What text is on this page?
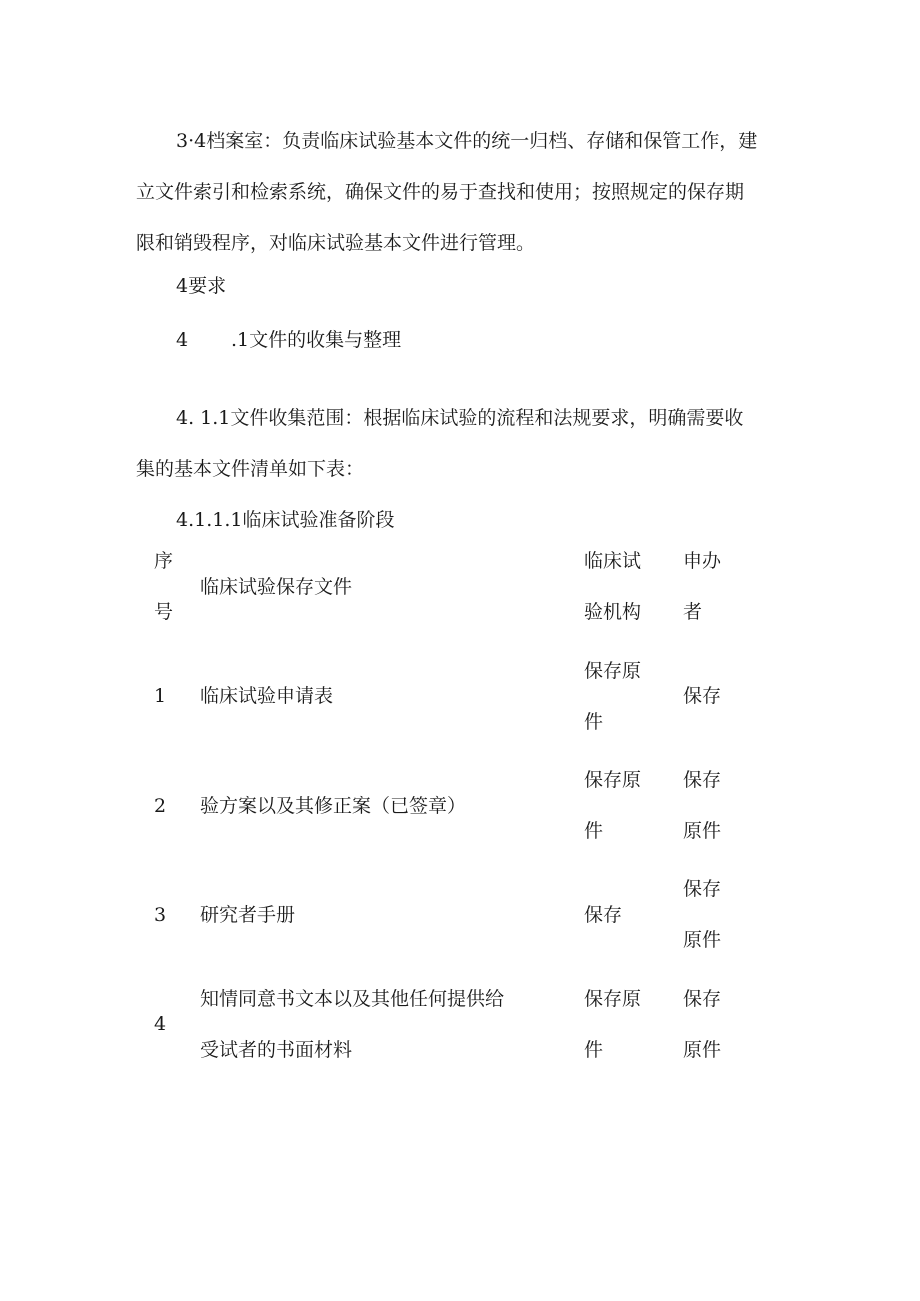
3·4档案室：负责临床试验基本文件的统一归档、存储和保管工作，建
立文件索引和检索系统，确保文件的易于查找和使用；按照规定的保存期
限和销毁程序，对临床试验基本文件进行管理。

4要求

4 .1文件的收集与整理

4. 1.1文件收集范围：根据临床试验的流程和法规要求，明确需要收
集的基本文件清单如下表：

4.1.1.1临床试验准备阶段

序
号
临床试验保存文件
临床试
验机构
申办
者
1 临床试验申请表
保存原
件
保存
2 验方案以及其修正案（已签章）
保存原
件
保存
原件
3 研究者手册	保存
保存
原件
4
知情同意书文本以及其他任何提供给
受试者的书面材料
保存原
件
保存
原件
